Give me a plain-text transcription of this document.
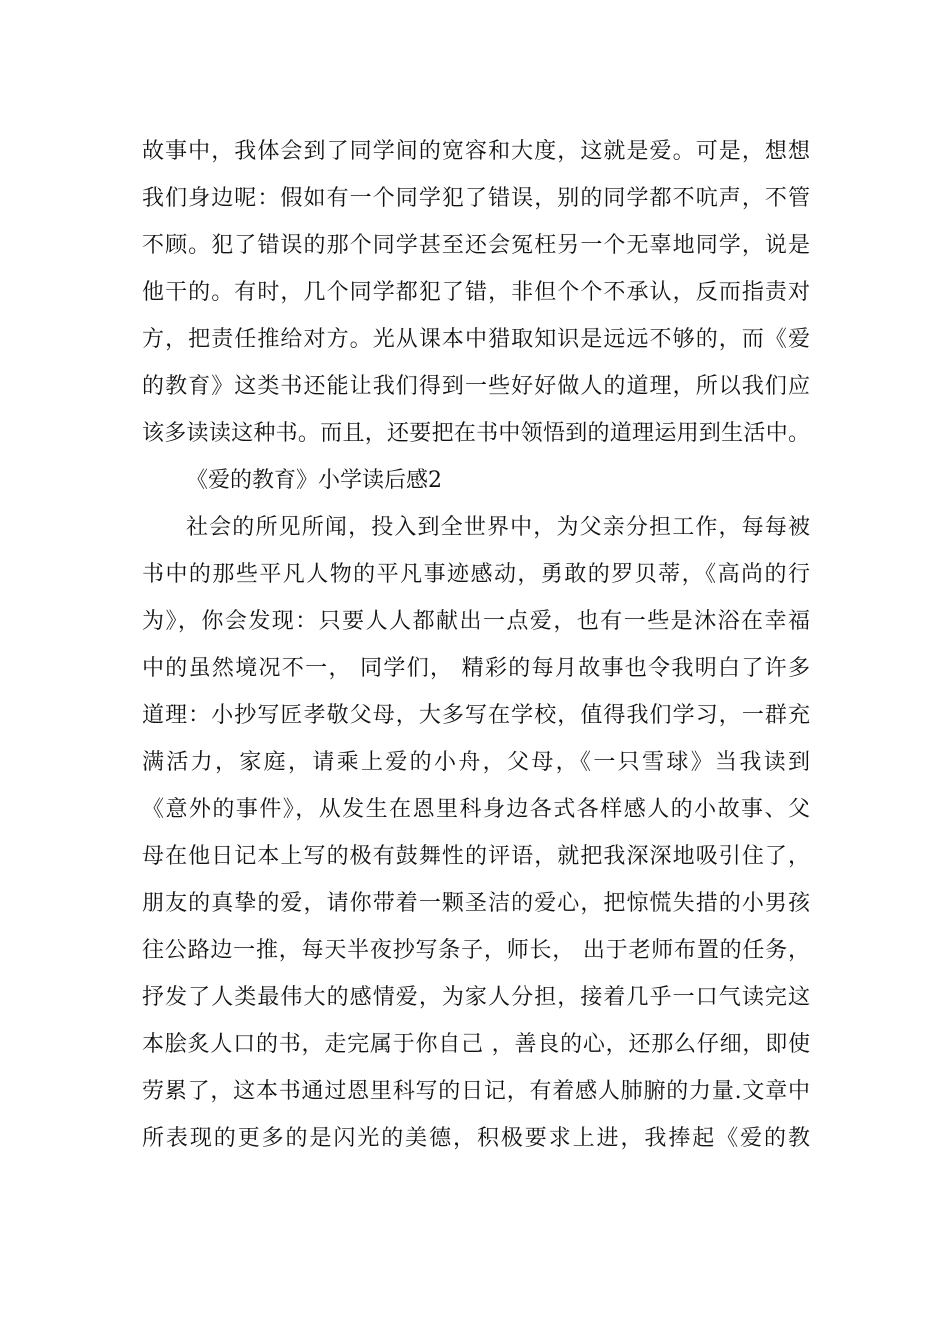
故事中，我体会到了同学间的宽容和大度，这就是爱。可是，想想
我们身边呢：假如有一个同学犯了错误，别的同学都不吭声，不管
不顾。犯了错误的那个同学甚至还会冤枉另一个无辜地同学，说是
他干的。有时，几个同学都犯了错，非但个个不承认，反而指责对
方，把责任推给对方。光从课本中猎取知识是远远不够的，而《爱
的教育》这类书还能让我们得到一些好好做人的道理，所以我们应
该多读读这种书。而且，还要把在书中领悟到的道理运用到生活中。
《爱的教育》小学读后感2
社会的所见所闻，投入到全世界中，为父亲分担工作，每每被
书中的那些平凡人物的平凡事迹感动，勇敢的罗贝蒂，《高尚的行
为》，你会发现：只要人人都献出一点爱，也有一些是沐浴在幸福
中的虽然境况不一， 同学们， 精彩的每月故事也令我明白了许多
道理：小抄写匠孝敬父母，大多写在学校，值得我们学习，一群充
满活力，家庭，请乘上爱的小舟，父母，《一只雪球》当我读到
《意外的事件》，从发生在恩里科身边各式各样感人的小故事、父
母在他日记本上写的极有鼓舞性的评语，就把我深深地吸引住了，
朋友的真挚的爱，请你带着一颗圣洁的爱心，把惊慌失措的小男孩
往公路边一推，每天半夜抄写条子，师长， 出于老师布置的任务，
抒发了人类最伟大的感情爱，为家人分担，接着几乎一口气读完这
本脍炙人口的书，走完属于你自己 ，善良的心，还那么仔细，即使
劳累了，这本书通过恩里科写的日记，有着感人肺腑的力量.文章中
所表现的更多的是闪光的美德，积极要求上进，我捧起《爱的教
